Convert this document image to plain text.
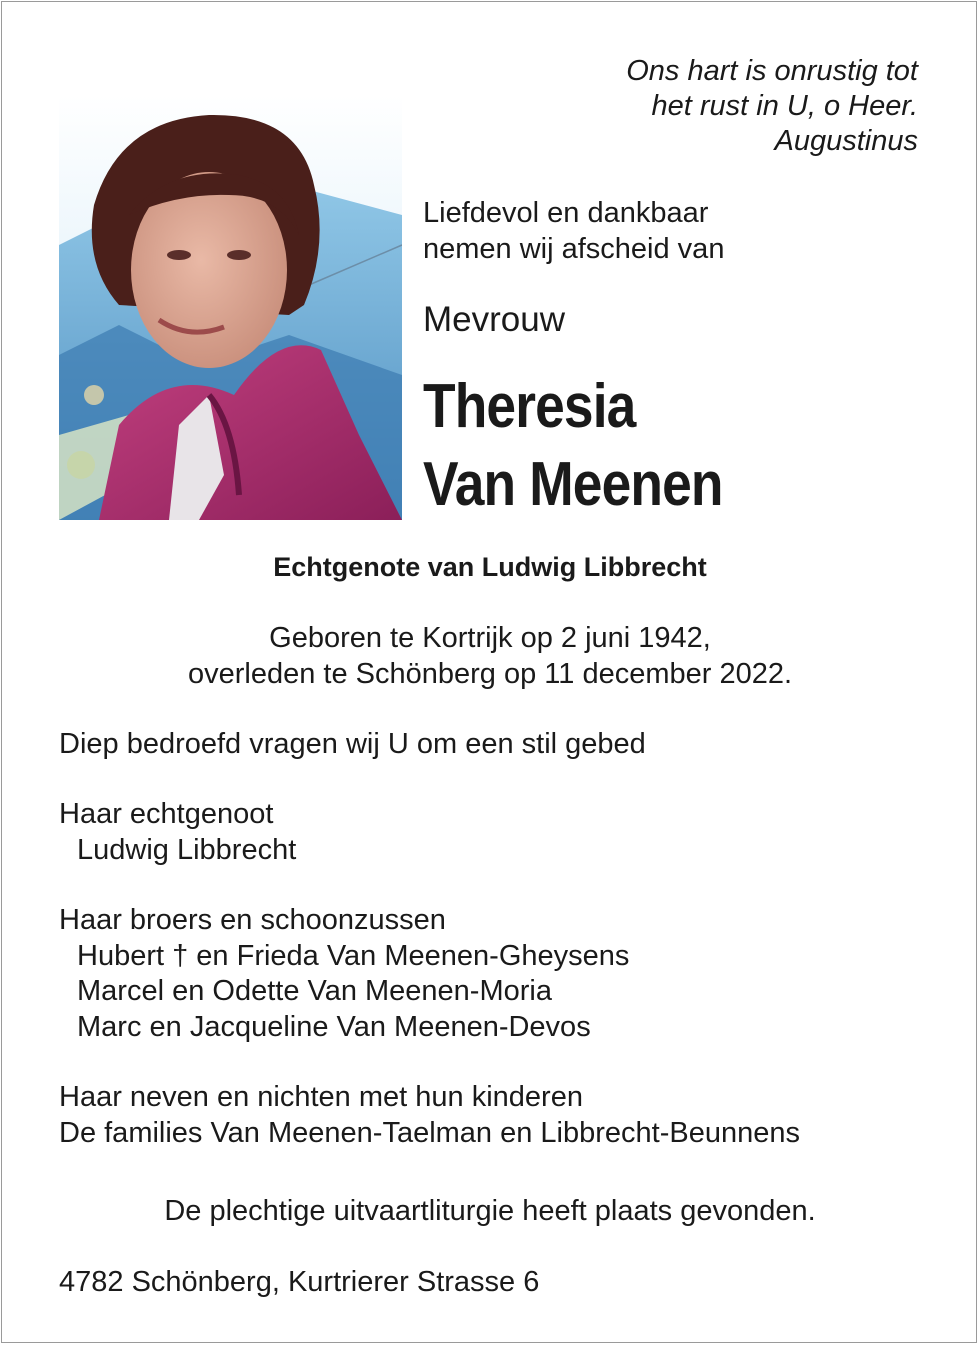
Ons hart is onrustig tot
het rust in U, o Heer.
Augustinus
Liefdevol en dankbaar
nemen wij afscheid van
Mevrouw
Theresia
Van Meenen
Echtgenote van Ludwig Libbrecht
Geboren te Kortrijk op 2 juni 1942,
overleden te Schönberg op 11 december 2022.
Diep bedroefd vragen wij U om een stil gebed
Haar echtgenoot
Ludwig Libbrecht
Haar broers en schoonzussen
Hubert † en Frieda Van Meenen-Gheysens
Marcel en Odette Van Meenen-Moria
Marc en Jacqueline Van Meenen-Devos
Haar neven en nichten met hun kinderen
De families Van Meenen-Taelman en Libbrecht-Beunnens
De plechtige uitvaartliturgie heeft plaats gevonden.
4782 Schönberg, Kurtrierer Strasse 6
